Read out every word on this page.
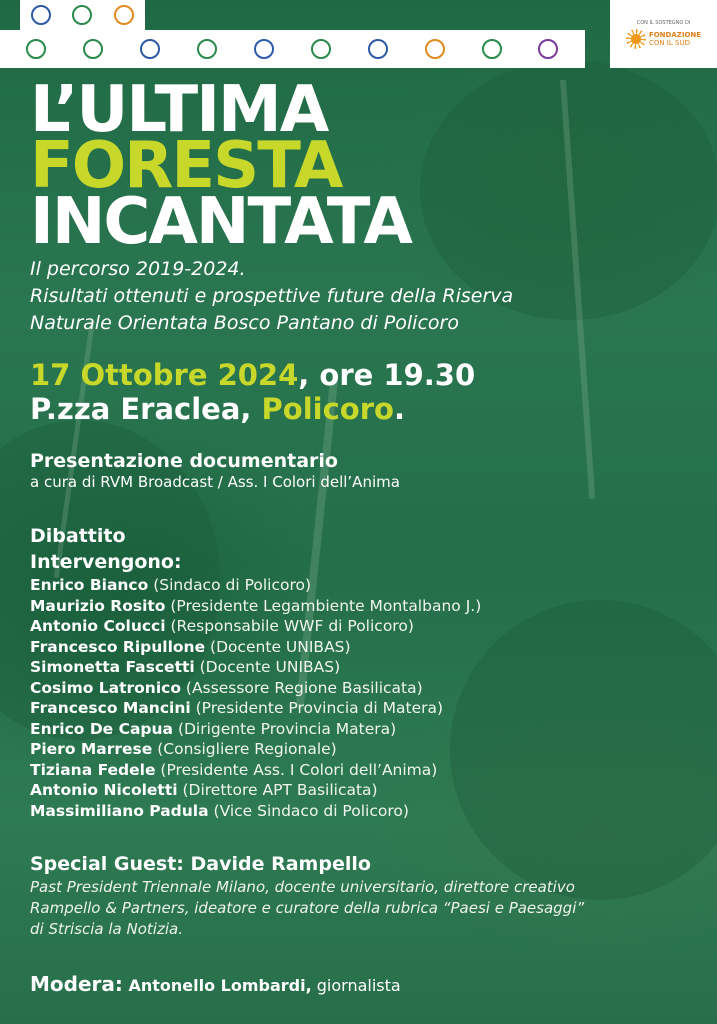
CON IL SOSTEGNO DI
FONDAZIONE
CON IL SUD
L’ULTIMA
FORESTA
INCANTATA
Il percorso 2019-2024.
Risultati ottenuti e prospettive future della Riserva
Naturale Orientata Bosco Pantano di Policoro
17 Ottobre 2024, ore 19.30
P.zza Eraclea, Policoro.
Presentazione documentario
a cura di RVM Broadcast / Ass. I Colori dell’Anima
Dibattito
Intervengono:
Enrico Bianco (Sindaco di Policoro)
Maurizio Rosito (Presidente Legambiente Montalbano J.)
Antonio Colucci (Responsabile WWF di Policoro)
Francesco Ripullone (Docente UNIBAS)
Simonetta Fascetti (Docente UNIBAS)
Cosimo Latronico (Assessore Regione Basilicata)
Francesco Mancini (Presidente Provincia di Matera)
Enrico De Capua (Dirigente Provincia Matera)
Piero Marrese (Consigliere Regionale)
Tiziana Fedele (Presidente Ass. I Colori dell’Anima)
Antonio Nicoletti (Direttore APT Basilicata)
Massimiliano Padula (Vice Sindaco di Policoro)
Special Guest: Davide Rampello
Past President Triennale Milano, docente universitario, direttore creativo
Rampello & Partners, ideatore e curatore della rubrica “Paesi e Paesaggi”
di Striscia la Notizia.
Modera: Antonello Lombardi, giornalista
